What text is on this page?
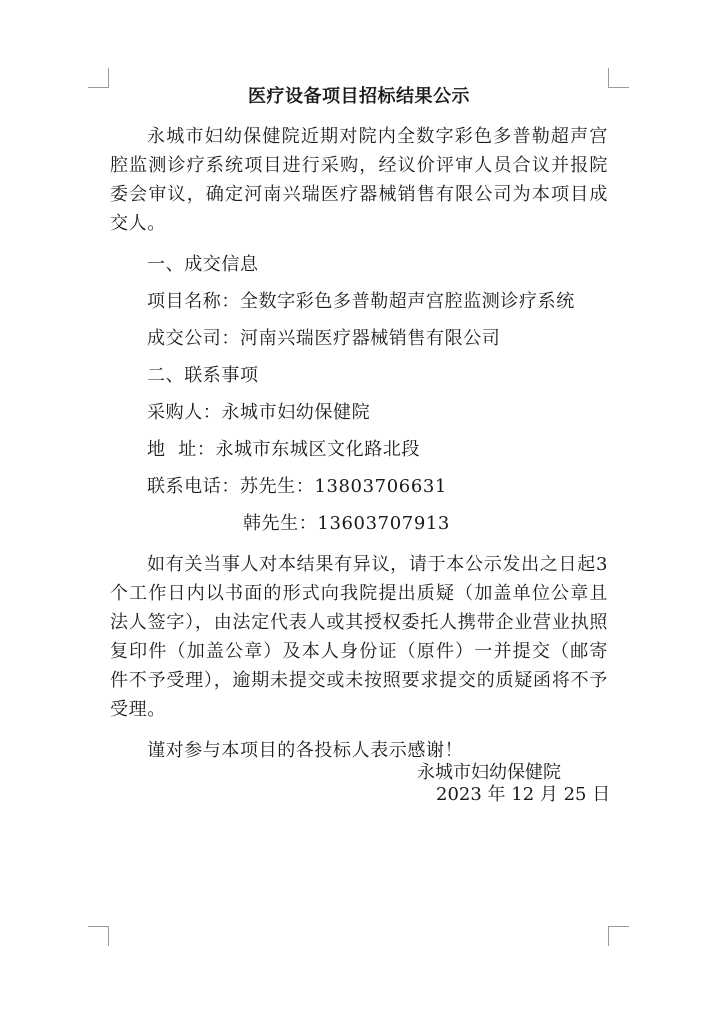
医疗设备项目招标结果公示

永城市妇幼保健院近期对院内全数字彩色多普勒超声宫腔监测诊疗系统项目进行采购，经议价评审人员合议并报院委会审议，确定河南兴瑞医疗器械销售有限公司为本项目成交人。

一、成交信息

项目名称：全数字彩色多普勒超声宫腔监测诊疗系统

成交公司：河南兴瑞医疗器械销售有限公司

二、联系事项

采购人：永城市妇幼保健院

地  址：永城市东城区文化路北段

联系电话：苏先生：13803706631

韩先生：13603707913

如有关当事人对本结果有异议，请于本公示发出之日起3个工作日内以书面的形式向我院提出质疑（加盖单位公章且法人签字），由法定代表人或其授权委托人携带企业营业执照复印件（加盖公章）及本人身份证（原件）一并提交（邮寄件不予受理），逾期未提交或未按照要求提交的质疑函将不予受理。

谨对参与本项目的各投标人表示感谢！

永城市妇幼保健院

2023 年 12 月 25 日
